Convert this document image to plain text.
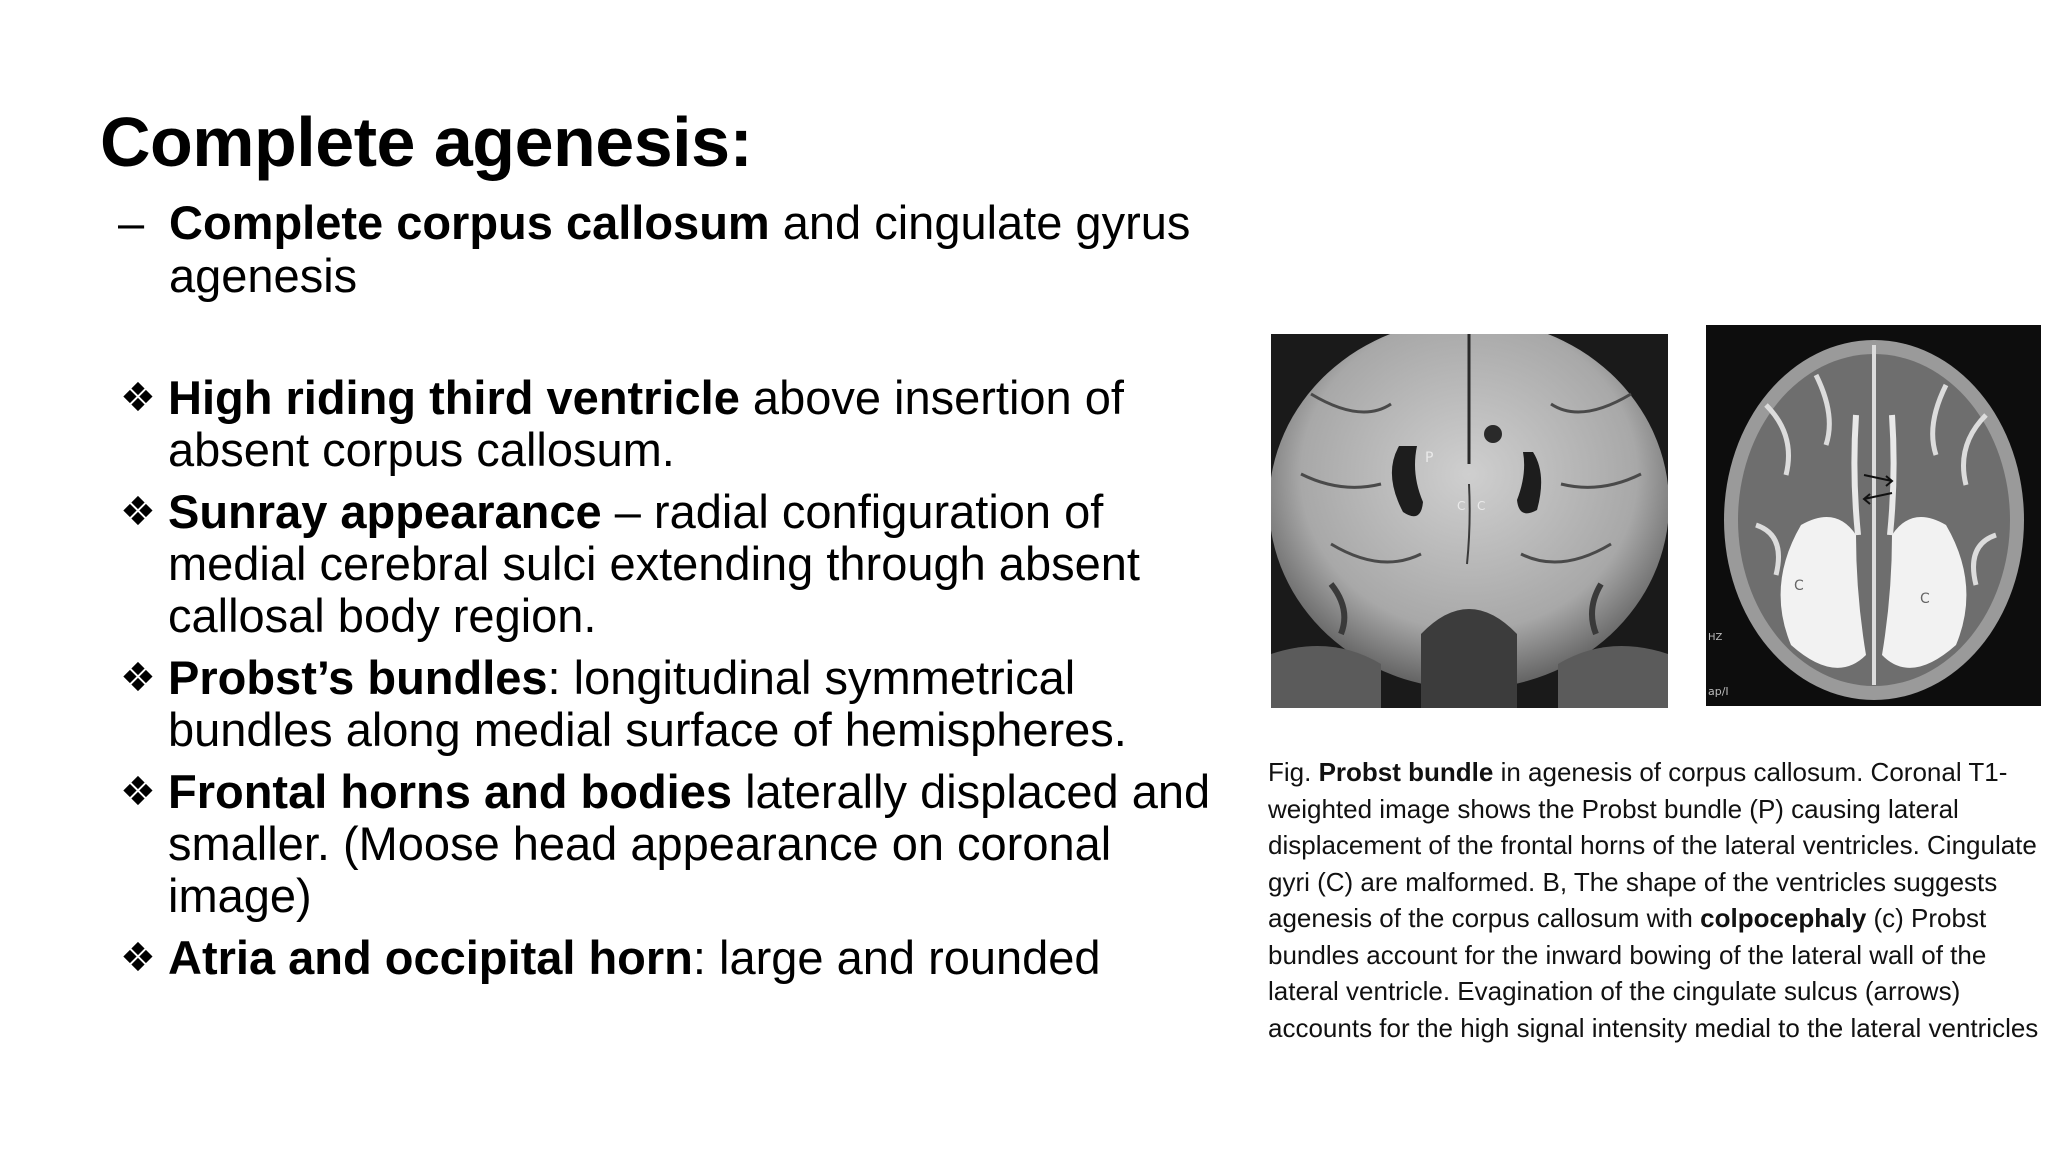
Complete agenesis:
– Complete corpus callosum and cingulate gyrus agenesis
❖ High riding third ventricle above insertion of absent corpus callosum.
❖ Sunray appearance – radial configuration of medial cerebral sulci extending through absent callosal body region.
❖ Probst’s bundles: longitudinal symmetrical bundles along medial surface of hemispheres.
❖ Frontal horns and bodies laterally displaced and smaller. (Moose head appearance on coronal image)
❖ Atria and occipital horn: large and rounded
P
C C
C
C
HZ
ap/I
Fig. Probst bundle in agenesis of corpus callosum. Coronal T1-weighted image shows the Probst bundle (P) causing lateral displacement of the frontal horns of the lateral ventricles. Cingulate gyri (C) are malformed. B, The shape of the ventricles suggests agenesis of the corpus callosum with colpocephaly (c) Probst bundles account for the inward bowing of the lateral wall of the lateral ventricle. Evagination of the cingulate sulcus (arrows) accounts for the high signal intensity medial to the lateral ventricles
